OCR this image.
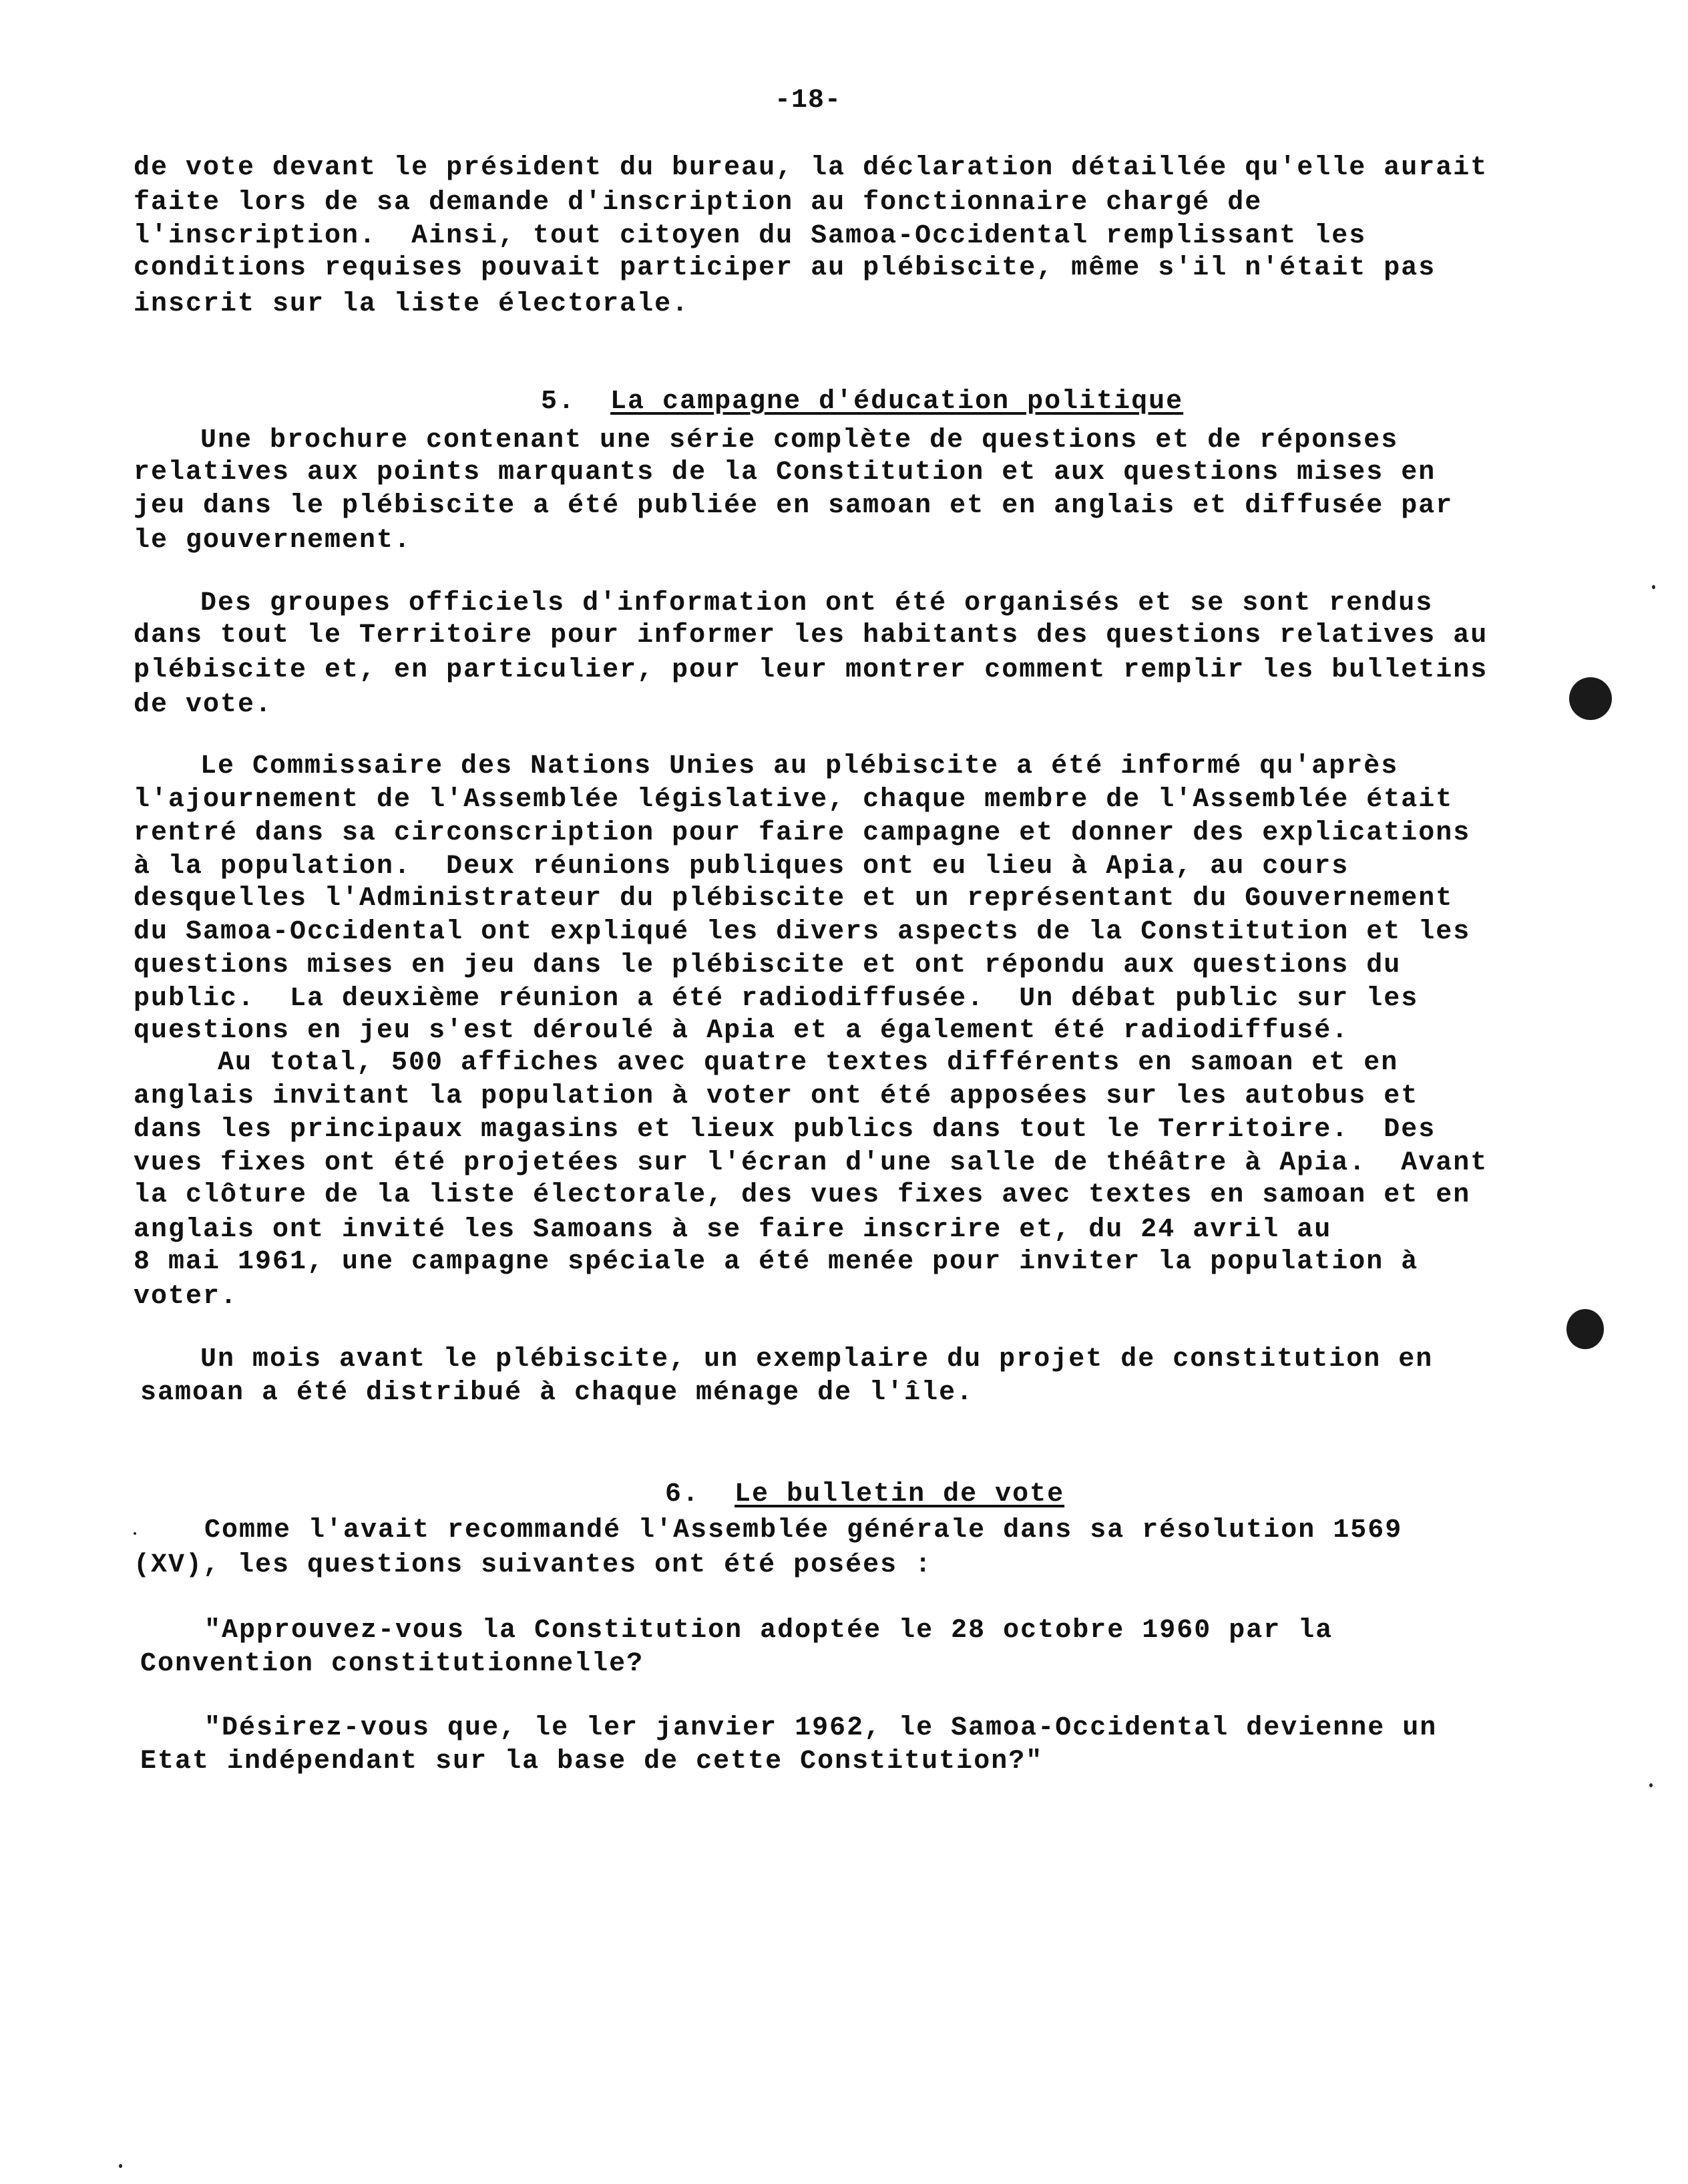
-18-
de vote devant le président du bureau, la déclaration détaillée qu'elle aurait
faite lors de sa demande d'inscription au fonctionnaire chargé de
l'inscription.  Ainsi, tout citoyen du Samoa-Occidental remplissant les
conditions requises pouvait participer au plébiscite, même s'il n'était pas
inscrit sur la liste électorale.

5. La campagne d'éducation politique

Une brochure contenant une série complète de questions et de réponses
relatives aux points marquants de la Constitution et aux questions mises en
jeu dans le plébiscite a été publiée en samoan et en anglais et diffusée par
le gouvernement.
Des groupes officiels d'information ont été organisés et se sont rendus
dans tout le Territoire pour informer les habitants des questions relatives au
plébiscite et, en particulier, pour leur montrer comment remplir les bulletins
de vote.
Le Commissaire des Nations Unies au plébiscite a été informé qu'après
l'ajournement de l'Assemblée législative, chaque membre de l'Assemblée était
rentré dans sa circonscription pour faire campagne et donner des explications
à la population.  Deux réunions publiques ont eu lieu à Apia, au cours
desquelles l'Administrateur du plébiscite et un représentant du Gouvernement
du Samoa-Occidental ont expliqué les divers aspects de la Constitution et les
questions mises en jeu dans le plébiscite et ont répondu aux questions du
public.  La deuxième réunion a été radiodiffusée.  Un débat public sur les
questions en jeu s'est déroulé à Apia et a également été radiodiffusé.
Au total, 500 affiches avec quatre textes différents en samoan et en
anglais invitant la population à voter ont été apposées sur les autobus et
dans les principaux magasins et lieux publics dans tout le Territoire.  Des
vues fixes ont été projetées sur l'écran d'une salle de théâtre à Apia.  Avant
la clôture de la liste électorale, des vues fixes avec textes en samoan et en
anglais ont invité les Samoans à se faire inscrire et, du 24 avril au
8 mai 1961, une campagne spéciale a été menée pour inviter la population à
voter.
Un mois avant le plébiscite, un exemplaire du projet de constitution en
samoan a été distribué à chaque ménage de l'île.

6. Le bulletin de vote

Comme l'avait recommandé l'Assemblée générale dans sa résolution 1569
(XV), les questions suivantes ont été posées :
"Approuvez-vous la Constitution adoptée le 28 octobre 1960 par la
Convention constitutionnelle?
"Désirez-vous que, le ler janvier 1962, le Samoa-Occidental devienne un
Etat indépendant sur la base de cette Constitution?"
